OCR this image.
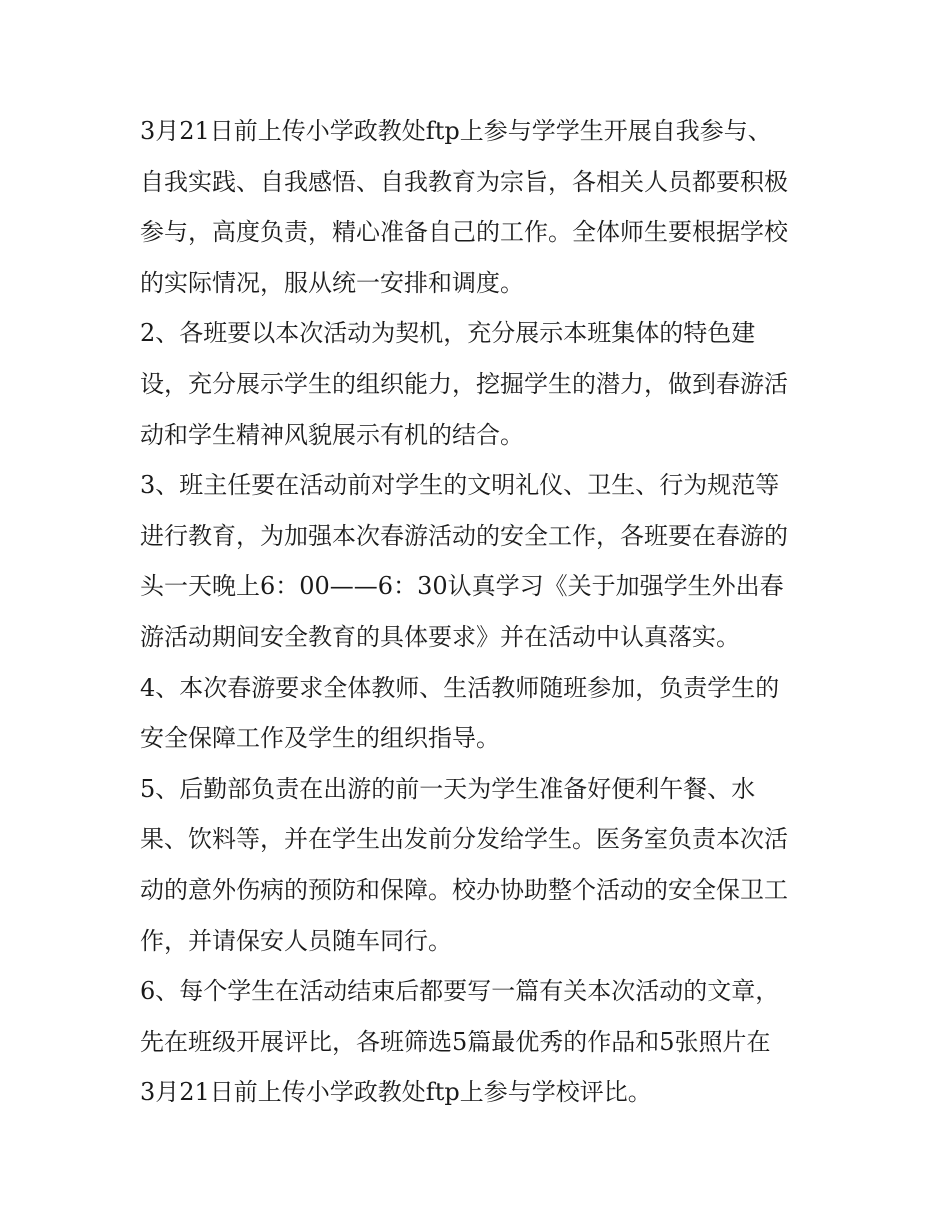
3月21日前上传小学政教处ftp上参与学学生开展自我参与、
自我实践、自我感悟、自我教育为宗旨，各相关人员都要积极
参与，高度负责，精心准备自己的工作。全体师生要根据学校
的实际情况，服从统一安排和调度。
2、各班要以本次活动为契机，充分展示本班集体的特色建
设，充分展示学生的组织能力，挖掘学生的潜力，做到春游活
动和学生精神风貌展示有机的结合。
3、班主任要在活动前对学生的文明礼仪、卫生、行为规范等
进行教育，为加强本次春游活动的安全工作，各班要在春游的
头一天晚上6：00——6：30认真学习《关于加强学生外出春
游活动期间安全教育的具体要求》并在活动中认真落实。
4、本次春游要求全体教师、生活教师随班参加，负责学生的
安全保障工作及学生的组织指导。
5、后勤部负责在出游的前一天为学生准备好便利午餐、水
果、饮料等，并在学生出发前分发给学生。医务室负责本次活
动的意外伤病的预防和保障。校办协助整个活动的安全保卫工
作，并请保安人员随车同行。
6、每个学生在活动结束后都要写一篇有关本次活动的文章，
先在班级开展评比，各班筛选5篇最优秀的作品和5张照片在
3月21日前上传小学政教处ftp上参与学校评比。
